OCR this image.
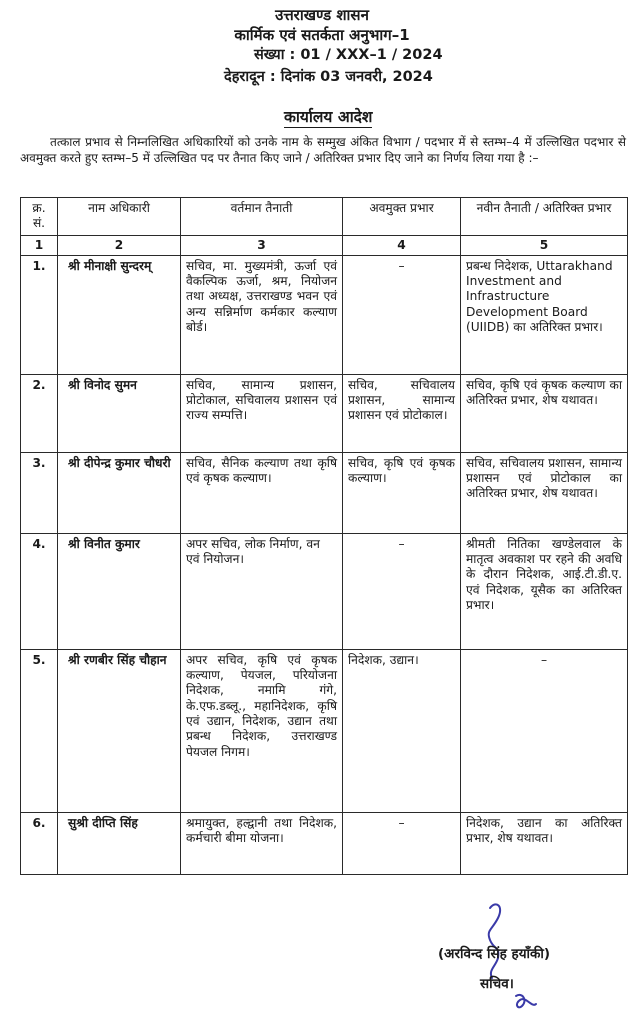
उत्तराखण्ड शासन
कार्मिक एवं सतर्कता अनुभाग–1
संख्या : 01 / XXX–1 / 2024
देहरादून : दिनांक 03 जनवरी, 2024
कार्यालय आदेश
तत्काल प्रभाव से निम्नलिखित अधिकारियों को उनके नाम के सम्मुख अंकित विभाग / पदभार में से स्तम्भ–4 में उल्लिखित पदभार से अवमुक्त करते हुए स्तम्भ–5 में उल्लिखित पद पर तैनात किए जाने / अतिरिक्त प्रभार दिए जाने का निर्णय लिया गया है :–
क्र. सं.	नाम अधिकारी	वर्तमान तैनाती	अवमुक्त प्रभार	नवीन तैनाती / अतिरिक्त प्रभार
1	2	3	4	5
1.	श्री मीनाक्षी सुन्दरम्	सचिव, मा. मुख्यमंत्री, ऊर्जा एवं वैकल्पिक ऊर्जा, श्रम, नियोजन तथा अध्यक्ष, उत्तराखण्ड भवन एवं अन्य सन्निर्माण कर्मकार कल्याण बोर्ड।	–	प्रबन्ध निदेशक, Uttarakhand Investment and Infrastructure Development Board (UIIDB) का अतिरिक्त प्रभार।
2.	श्री विनोद सुमन	सचिव, सामान्य प्रशासन, प्रोटोकाल, सचिवालय प्रशासन एवं राज्य सम्पत्ति।	सचिव, सचिवालय प्रशासन, सामान्य प्रशासन एवं प्रोटोकाल।	सचिव, कृषि एवं कृषक कल्याण का अतिरिक्त प्रभार, शेष यथावत।
3.	श्री दीपेन्द्र कुमार चौधरी	सचिव, सैनिक कल्याण तथा कृषि एवं कृषक कल्याण।	सचिव, कृषि एवं कृषक कल्याण।	सचिव, सचिवालय प्रशासन, सामान्य प्रशासन एवं प्रोटोकाल का अतिरिक्त प्रभार, शेष यथावत।
4.	श्री विनीत कुमार	अपर सचिव, लोक निर्माण, वन एवं नियोजन।	–	श्रीमती नितिका खण्डेलवाल के मातृत्व अवकाश पर रहने की अवधि के दौरान निदेशक, आई.टी.डी.ए. एवं निदेशक, यूसैक का अतिरिक्त प्रभार।
5.	श्री रणबीर सिंह चौहान	अपर सचिव, कृषि एवं कृषक कल्याण, पेयजल, परियोजना निदेशक, नमामि गंगे, के.एफ.डब्लू., महानिदेशक, कृषि एवं उद्यान, निदेशक, उद्यान तथा प्रबन्ध निदेशक, उत्तराखण्ड पेयजल निगम।	निदेशक, उद्यान।	–
6.	सुश्री दीप्ति सिंह	श्रमायुक्त, हल्द्वानी तथा निदेशक, कर्मचारी बीमा योजना।	–	निदेशक, उद्यान का अतिरिक्त प्रभार, शेष यथावत।
(अरविन्द सिंह हयाँकी)
सचिव।
